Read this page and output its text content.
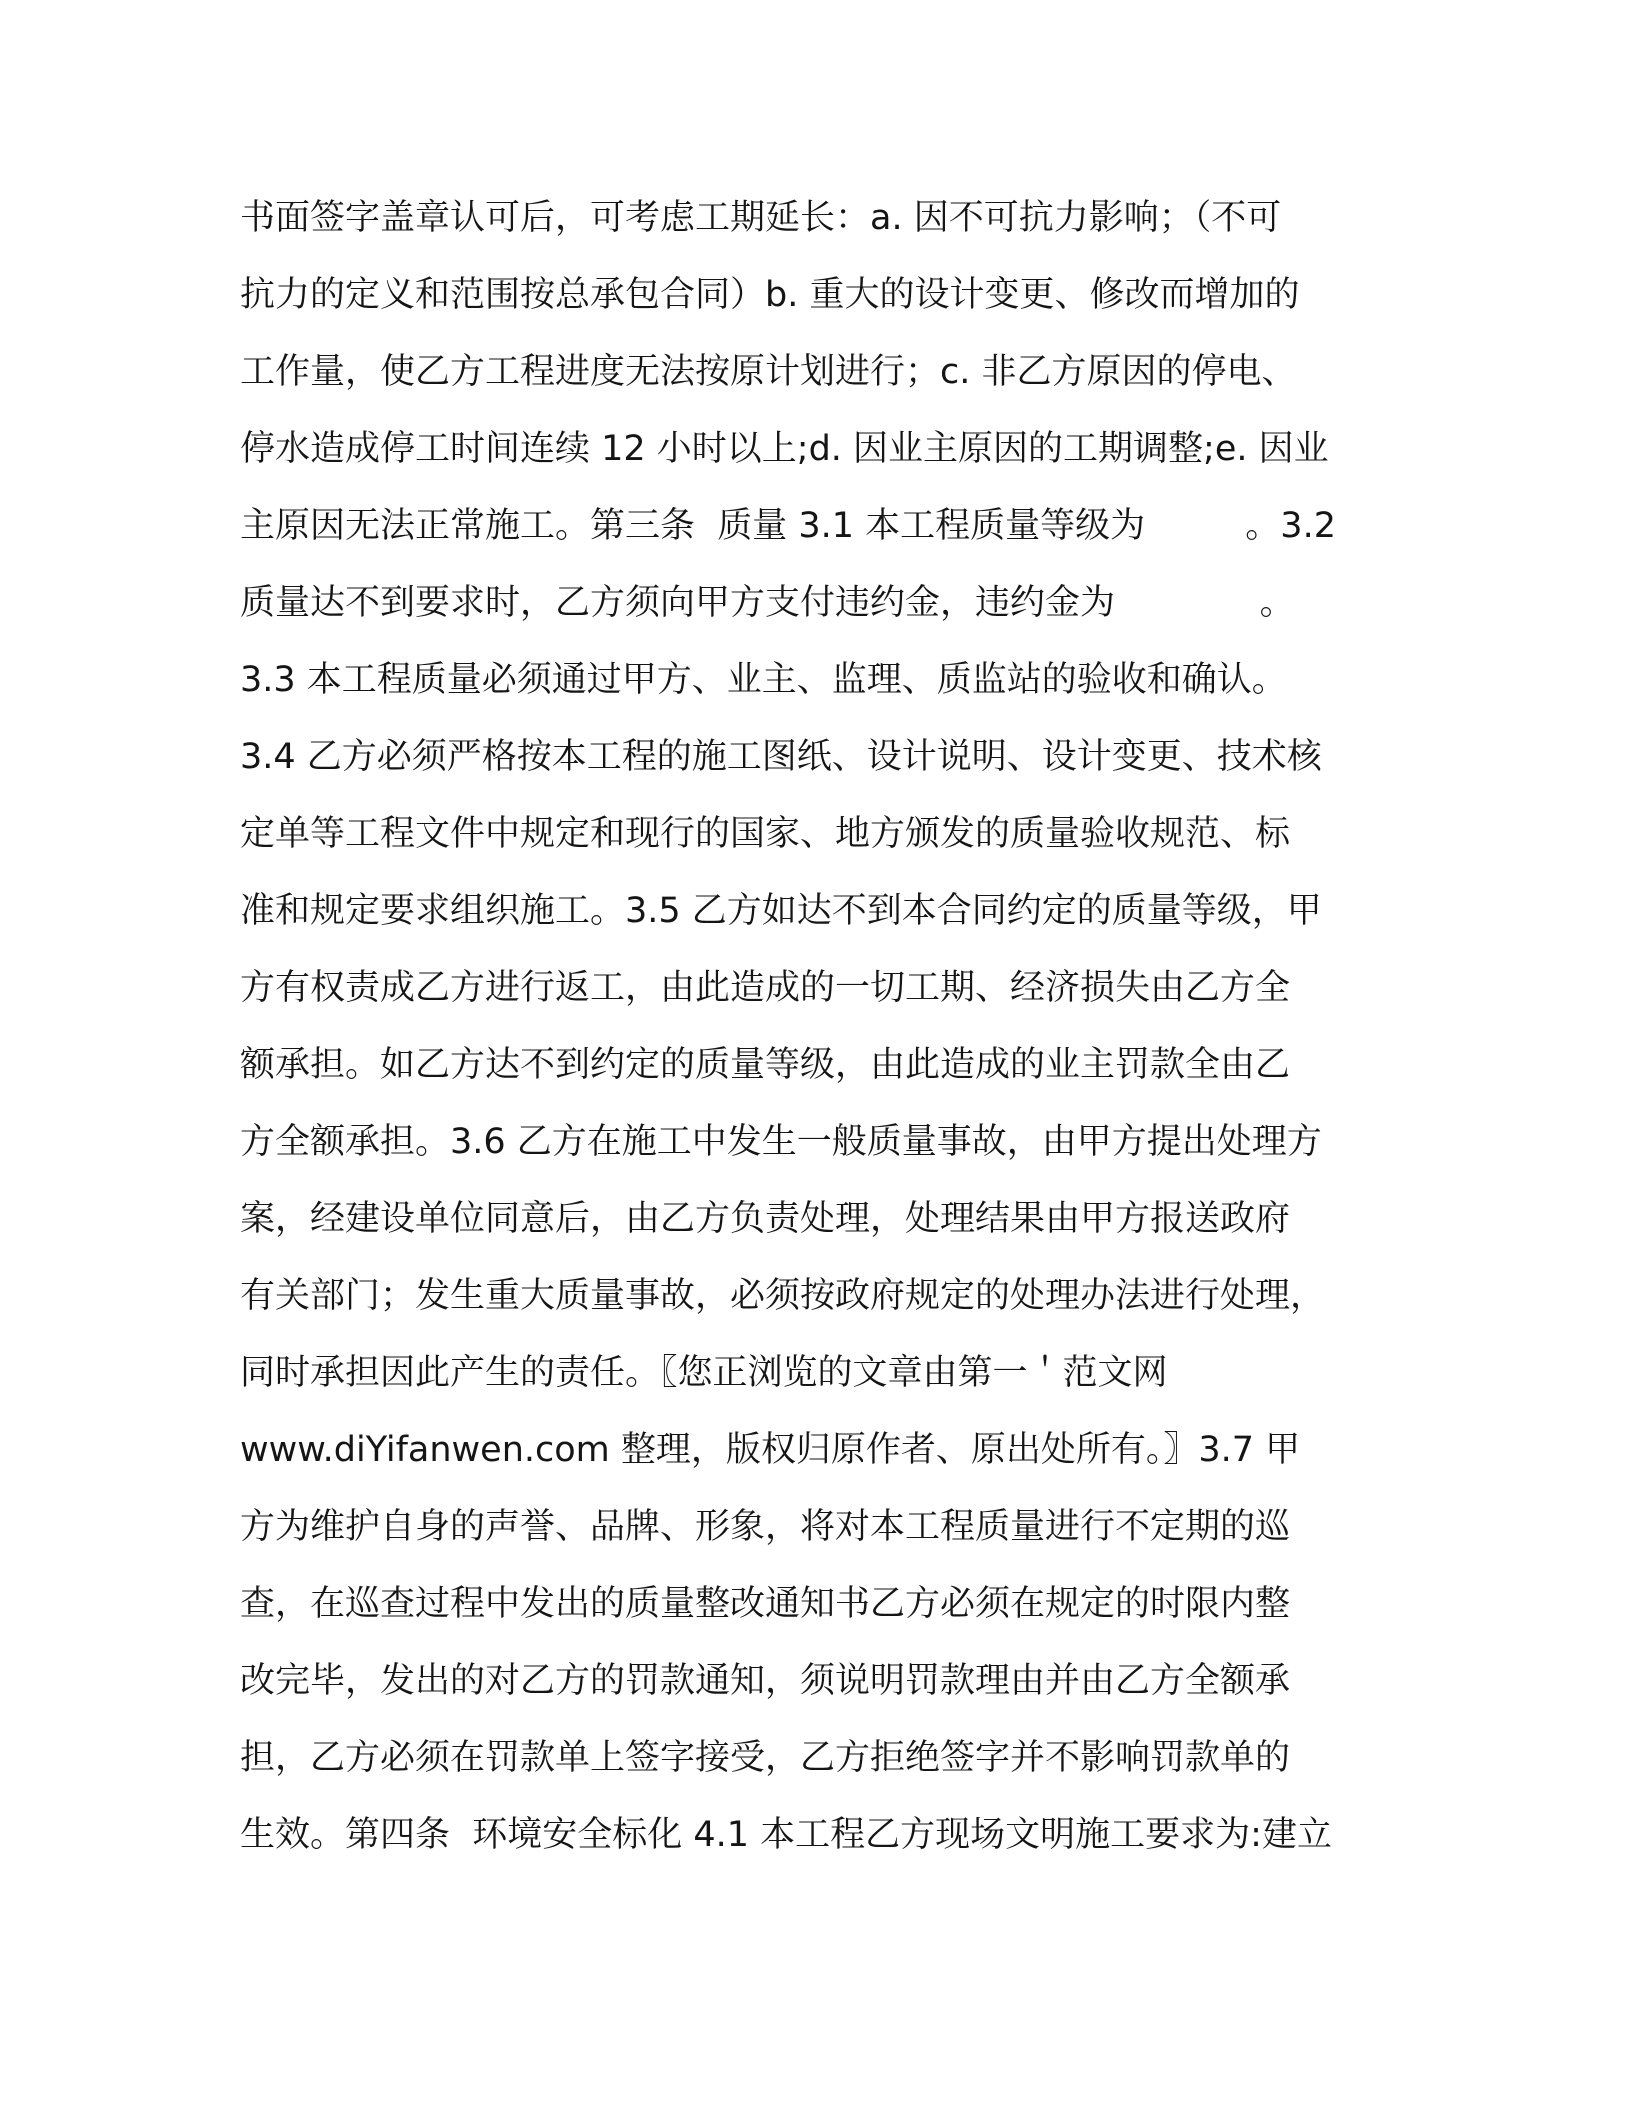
书面签字盖章认可后，可考虑工期延长：a. 因不可抗力影响；（不可
抗力的定义和范围按总承包合同）b. 重大的设计变更、修改而增加的
工作量，使乙方工程进度无法按原计划进行；c. 非乙方原因的停电、
停水造成停工时间连续 12 小时以上;d. 因业主原因的工期调整;e. 因业
主原因无法正常施工。第三条  质量 3.1 本工程质量等级为         。3.2
质量达不到要求时，乙方须向甲方支付违约金，违约金为             。
3.3 本工程质量必须通过甲方、业主、监理、质监站的验收和确认。
3.4 乙方必须严格按本工程的施工图纸、设计说明、设计变更、技术核
定单等工程文件中规定和现行的国家、地方颁发的质量验收规范、标
准和规定要求组织施工。3.5 乙方如达不到本合同约定的质量等级，甲
方有权责成乙方进行返工，由此造成的一切工期、经济损失由乙方全
额承担。如乙方达不到约定的质量等级，由此造成的业主罚款全由乙
方全额承担。3.6 乙方在施工中发生一般质量事故，由甲方提出处理方
案，经建设单位同意后，由乙方负责处理，处理结果由甲方报送政府
有关部门；发生重大质量事故，必须按政府规定的处理办法进行处理，
同时承担因此产生的责任。〖您正浏览的文章由第一＇范文网
www.diYifanwen.com 整理，版权归原作者、原出处所有。〗3.7 甲
方为维护自身的声誉、品牌、形象，将对本工程质量进行不定期的巡
查，在巡查过程中发出的质量整改通知书乙方必须在规定的时限内整
改完毕，发出的对乙方的罚款通知，须说明罚款理由并由乙方全额承
担，乙方必须在罚款单上签字接受，乙方拒绝签字并不影响罚款单的
生效。第四条  环境安全标化 4.1 本工程乙方现场文明施工要求为:建立
